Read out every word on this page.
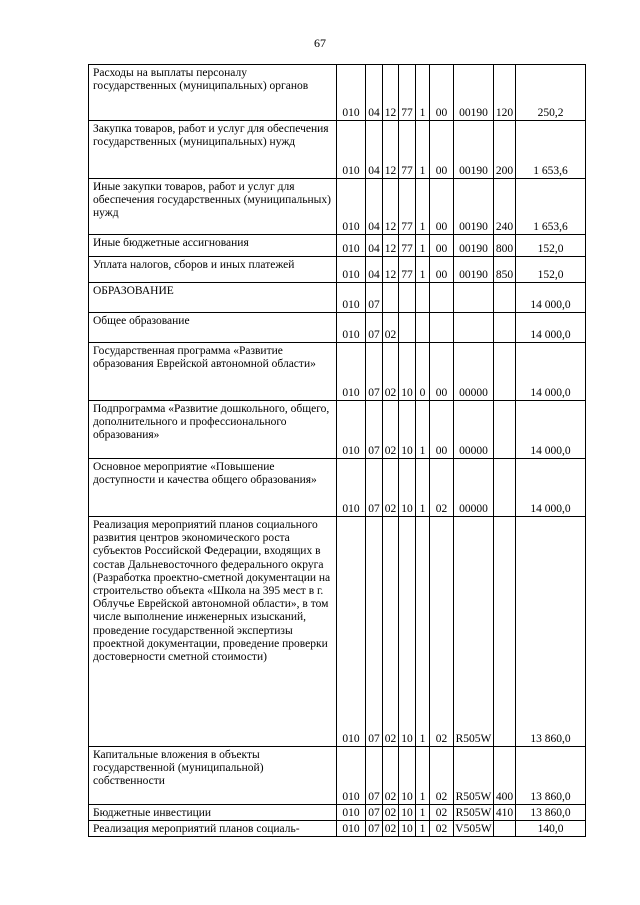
67
Расходы на выплаты персоналу государственных (муниципальных) органов	010	04	12	77	1	00	00190	120	250,2
Закупка товаров, работ и услуг для обеспечения государственных (муниципальных) нужд	010	04	12	77	1	00	00190	200	1 653,6
Иные закупки товаров, работ и услуг для обеспечения государственных (муниципальных) нужд	010	04	12	77	1	00	00190	240	1 653,6
Иные бюджетные ассигнования	010	04	12	77	1	00	00190	800	152,0
Уплата налогов, сборов и иных платежей	010	04	12	77	1	00	00190	850	152,0
ОБРАЗОВАНИЕ	010	07							14 000,0
Общее образование	010	07	02						14 000,0
Государственная программа «Развитие образования Еврейской автономной области»	010	07	02	10	0	00	00000		14 000,0
Подпрограмма «Развитие дошкольного, общего, дополнительного и профессионального образования»	010	07	02	10	1	00	00000		14 000,0
Основное мероприятие «Повышение доступности и качества общего образования»	010	07	02	10	1	02	00000		14 000,0
Реализация мероприятий планов социального развития центров экономического роста субъектов Российской Федерации, входящих в состав Дальневосточного федерального округа (Разработка проектно-сметной документации на строительство объекта «Школа на 395 мест в г. Облучье Еврейской автономной области», в том числе выполнение инженерных изысканий, проведение государственной экспертизы проектной документации, проведение проверки достоверности сметной стоимости)	010	07	02	10	1	02	R505W		13 860,0
Капитальные вложения в объекты государственной (муниципальной) собственности	010	07	02	10	1	02	R505W	400	13 860,0
Бюджетные инвестиции	010	07	02	10	1	02	R505W	410	13 860,0
Реализация мероприятий планов социаль-	010	07	02	10	1	02	V505W		140,0
